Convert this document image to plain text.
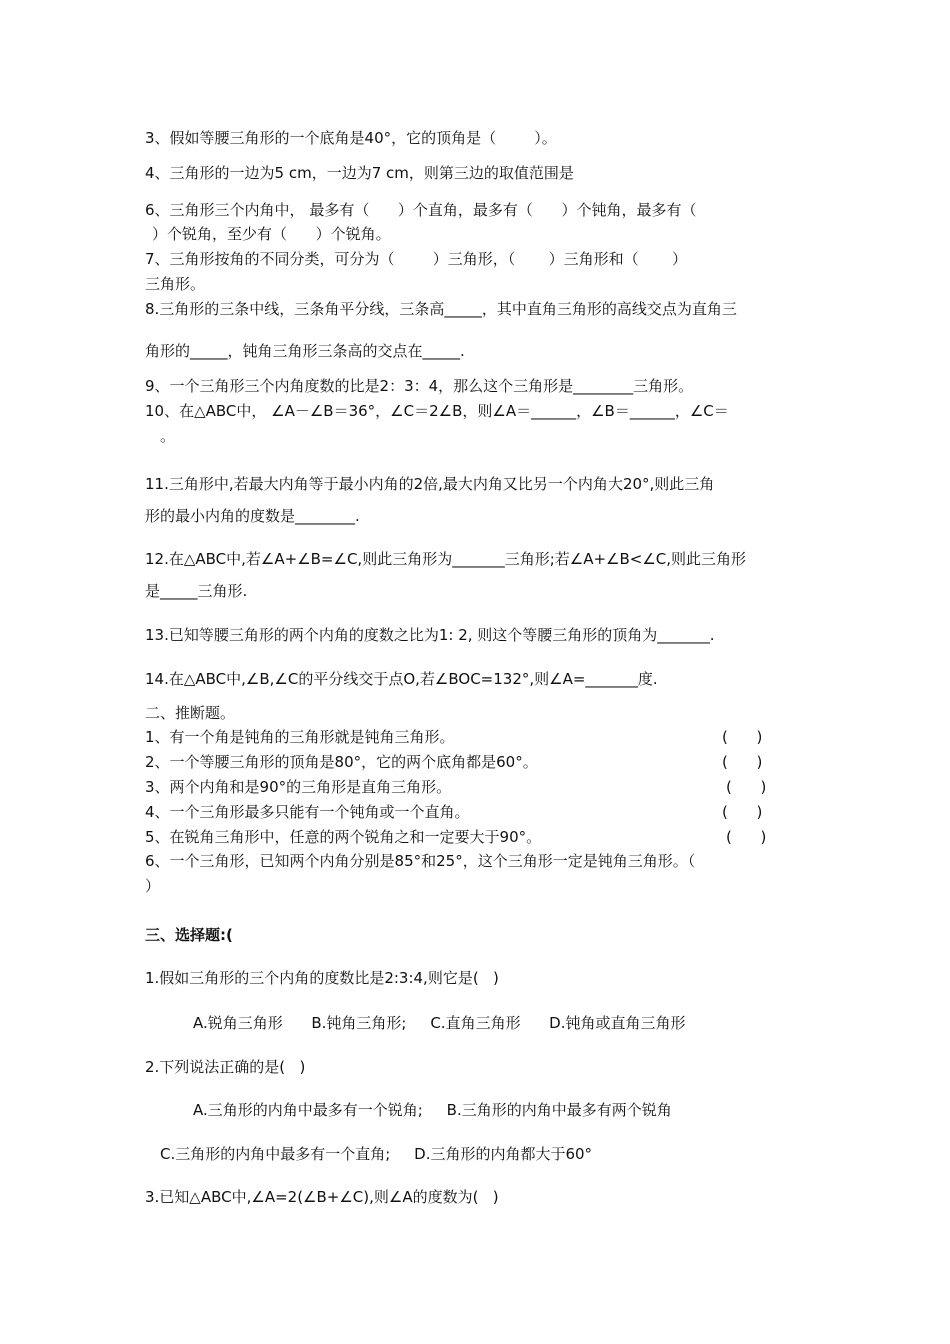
3、假如等腰三角形的一个底角是40°，它的顶角是（        ）。
4、三角形的一边为5 cm，一边为7 cm，则第三边的取值范围是
6、三角形三个内角中， 最多有（      ）个直角，最多有（      ）个钝角，最多有（
）个锐角，至少有（      ）个锐角。
7、三角形按角的不同分类，可分为（        ）三角形，（       ）三角形和（       ）
三角形。
8.三角形的三条中线，三条角平分线，三条高_____，其中直角三角形的高线交点为直角三
角形的_____，钝角三角形三条高的交点在_____.
9、一个三角形三个内角度数的比是2：3：4，那么这个三角形是________三角形。
10、在△ABC中， ∠A－∠B＝36°，∠C＝2∠B，则∠A＝______，∠B＝______，∠C＝
。
11.三角形中,若最大内角等于最小内角的2倍,最大内角又比另一个内角大20°,则此三角
形的最小内角的度数是________.
12.在△ABC中,若∠A+∠B=∠C,则此三角形为_______三角形;若∠A+∠B<∠C,则此三角形
是_____三角形.
13.已知等腰三角形的两个内角的度数之比为1: 2, 则这个等腰三角形的顶角为_______.
14.在△ABC中,∠B,∠C的平分线交于点O,若∠BOC=132°,则∠A=_______度.
二、推断题。
1、有一个角是钝角的三角形就是钝角三角形。	(      )
2、一个等腰三角形的顶角是80°，它的两个底角都是60°。	(      )
3、两个内角和是90°的三角形是直角三角形。	(      )
4、一个三角形最多只能有一个钝角或一个直角。	(      )
5、在锐角三角形中，任意的两个锐角之和一定要大于90°。	(      )
6、一个三角形，已知两个内角分别是85°和25°，这个三角形一定是钝角三角形。（
）
三、选择题:(
1.假如三角形的三个内角的度数比是2:3:4,则它是(   )
A.锐角三角形      B.钝角三角形;     C.直角三角形      D.钝角或直角三角形
2.下列说法正确的是(   )
A.三角形的内角中最多有一个锐角;     B.三角形的内角中最多有两个锐角
C.三角形的内角中最多有一个直角;     D.三角形的内角都大于60°
3.已知△ABC中,∠A=2(∠B+∠C),则∠A的度数为(   )
